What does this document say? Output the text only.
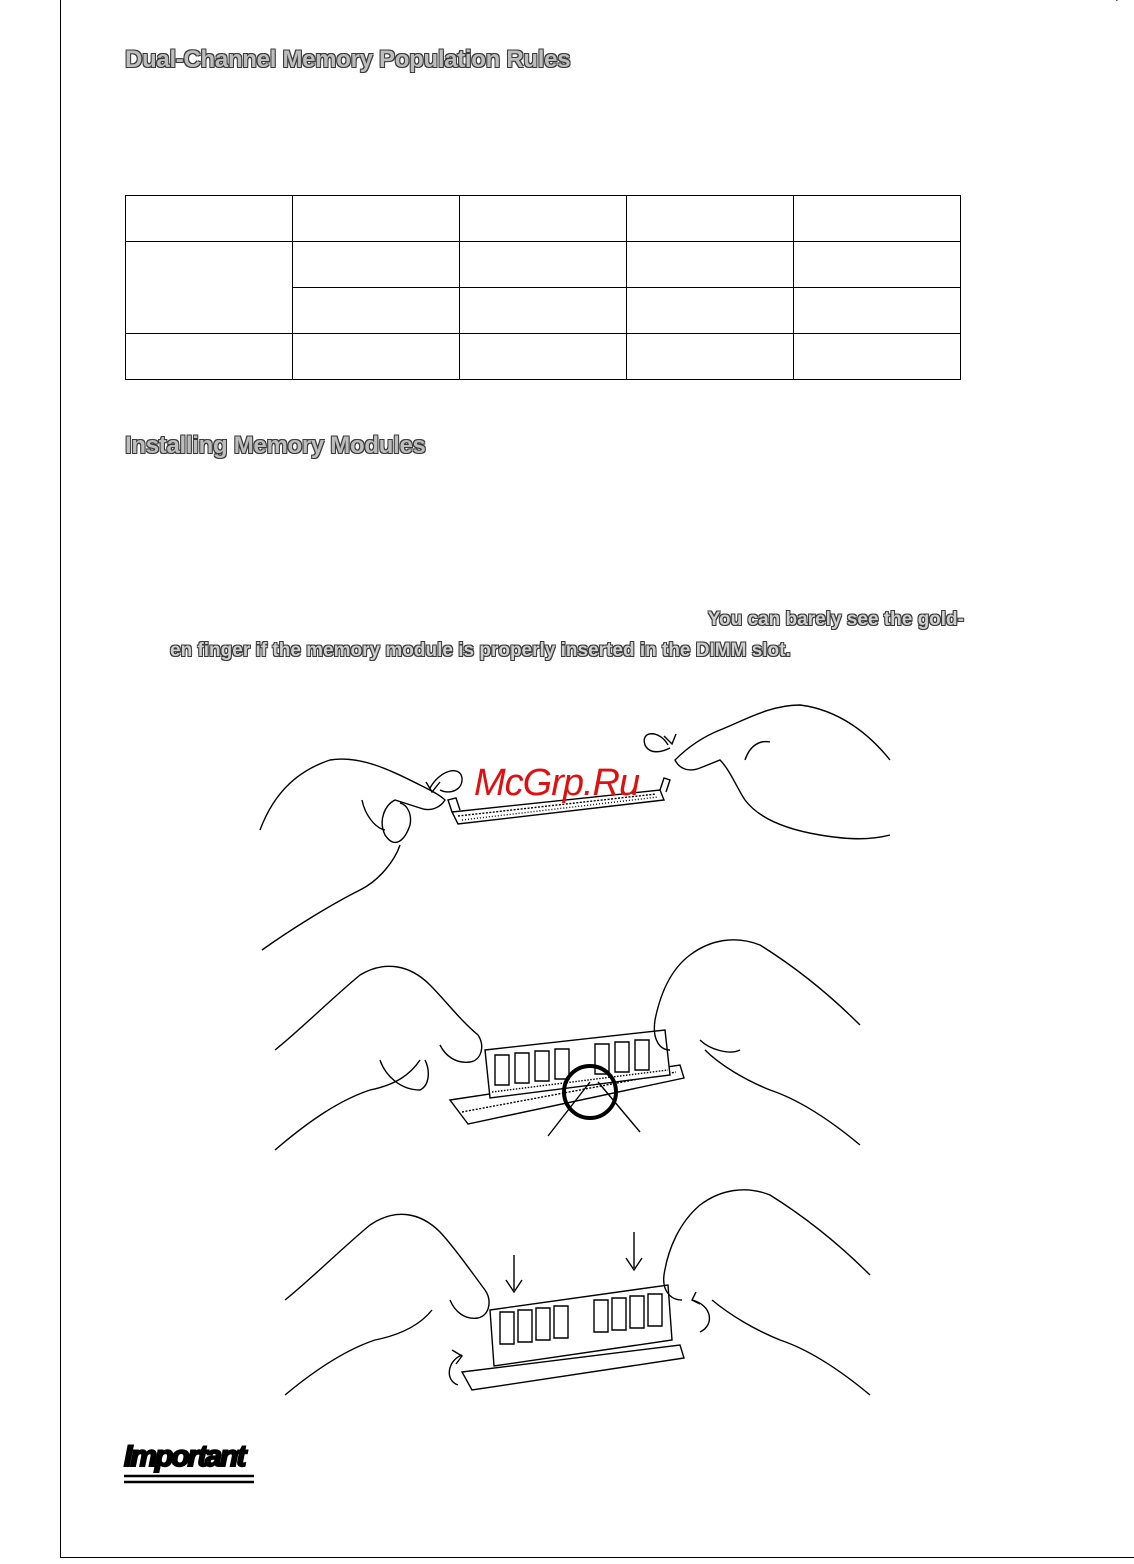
Dual-Channel Memory Population Rules

Installing Memory Modules

You can barely see the gold-

en finger if the memory module is properly inserted in the DIMM slot.

McGrp.Ru

Important
